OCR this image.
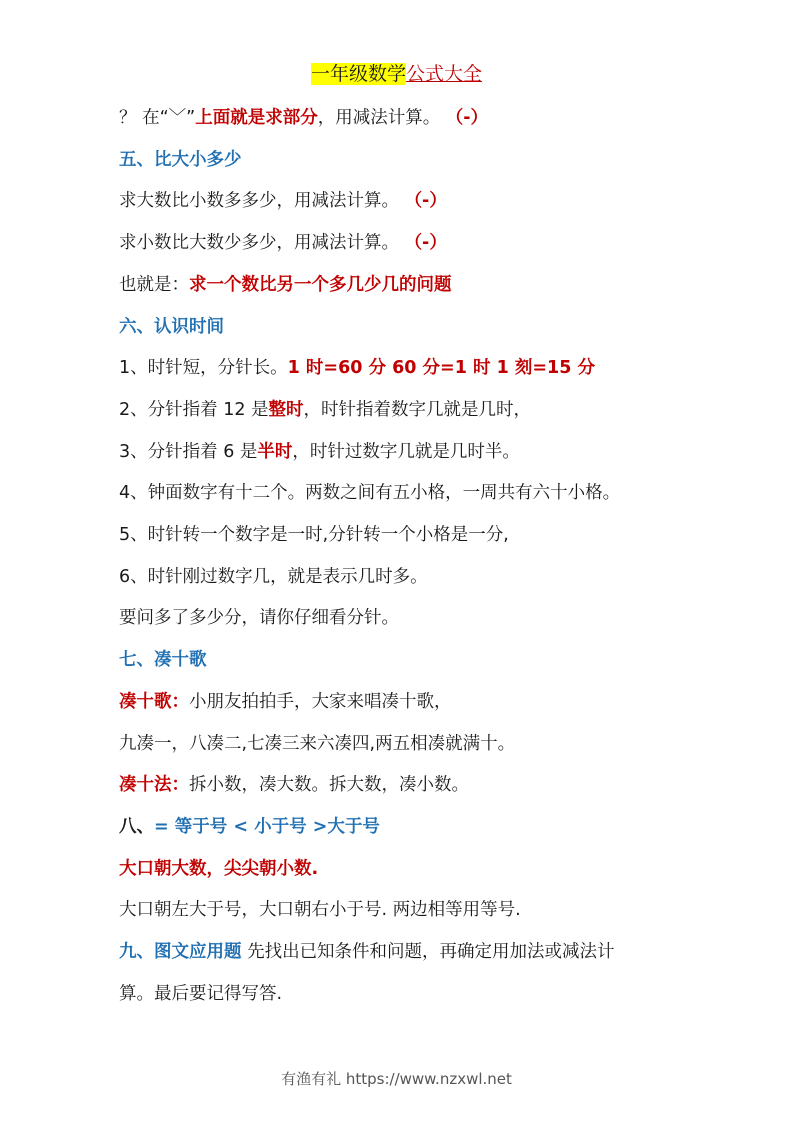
一年级数学公式大全
？ 在“﹀”上面就是求部分，用减法计算。 （-）
五、比大小多少
求大数比小数多多少，用减法计算。 （-）
求小数比大数少多少，用减法计算。 （-）
也就是：求一个数比另一个多几少几的问题
六、认识时间
1、时针短，分针长。1 时=60 分 60 分=1 时 1 刻=15 分
2、分针指着 12 是整时，时针指着数字几就是几时，
3、分针指着 6 是半时，时针过数字几就是几时半。
4、钟面数字有十二个。两数之间有五小格，一周共有六十小格。
5、时针转一个数字是一时,分针转一个小格是一分,
6、时针刚过数字几，就是表示几时多。
要问多了多少分，请你仔细看分针。
七、凑十歌
凑十歌：小朋友拍拍手，大家来唱凑十歌，
九凑一，八凑二,七凑三来六凑四,两五相凑就满十。
凑十法：拆小数，凑大数。拆大数，凑小数。
八、= 等于号 < 小于号 >大于号
大口朝大数，尖尖朝小数.
大口朝左大于号，大口朝右小于号. 两边相等用等号.
九、图文应用题 先找出已知条件和问题，再确定用加法或减法计
算。最后要记得写答.
有渔有礼 https://www.nzxwl.net
